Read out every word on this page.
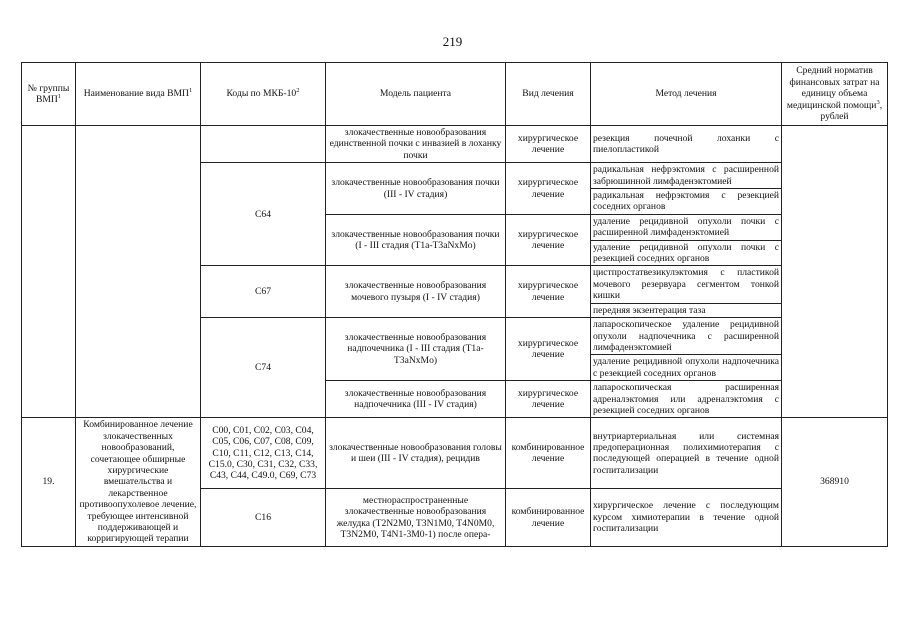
219
№ группы ВМП$^1$	Наименование вида ВМП$^1$	Коды по МКБ-$10^2$	Модель пациента	Вид лечения	Метод лечения	Средний норматив финансовых затрат на единицу объема медицинской помощи$^3$, рублей
			злокачественные новообразования единственной почки с инвазией в лоханку почки	хирургическое лечение	резекция почечной лоханки с пиелопластикой	
		C64	злокачественные новообразования почки (III - IV стадия)	хирургическое лечение	радикальная нефрэктомия с расширенной забрюшинной лимфаденэктомией	
					радикальная нефрэктомия с резекцией соседних органов	
			злокачественные новообразования почки (I - III стадия (T1a-T3aNxMo)	хирургическое лечение	удаление рецидивной опухоли почки с расширенной лимфаденэктомией	
					удаление рецидивной опухоли почки с резекцией соседних органов	
		C67	злокачественные новообразования мочевого пузыря (I - IV стадия)	хирургическое лечение	цистпростатвезикулэктомия с пластикой мочевого резервуара сегментом тонкой кишки	
					передняя экзентерация таза	
		C74	злокачественные новообразования надпочечника (I - III стадия (T1a-T3aNxMo)	хирургическое лечение	лапароскопическое удаление рецидивной опухоли надпочечника с расширенной лимфаденэктомией	
					удаление рецидивной опухоли надпочечника с резекцией соседних органов	
			злокачественные новообразования надпочечника (III - IV стадия)	хирургическое лечение	лапароскопическая расширенная адреналэктомия или адреналэктомия с резекцией соседних органов	
19.	Комбинированное лечение злокачественных новообразований, сочетающее обширные хирургические вмешательства и лекарственное противоопухолевое лечение, требующее интенсивной поддерживающей и корригирующей терапии	C00, C01, C02, C03, C04, C05, C06, C07, C08, C09, C10, C11, C12, C13, C14, C15.0, C30, C31, C32, C33, C43, C44, C49.0, C69, C73	злокачественные новообразования головы и шеи (III - IV стадия), рецидив	комбинированное лечение	внутриартериальная или системная предоперационная полихимиотерапия с последующей операцией в течение одной госпитализации	368910
		C16	местнораспространенные злокачественные новообразования желудка (T2N2M0, T3N1M0, T4N0M0, T3N2M0, T4N1-3M0-1) после опера-	комбинированное лечение	хирургическое лечение с последующим курсом химиотерапии в течение одной госпитализации	
